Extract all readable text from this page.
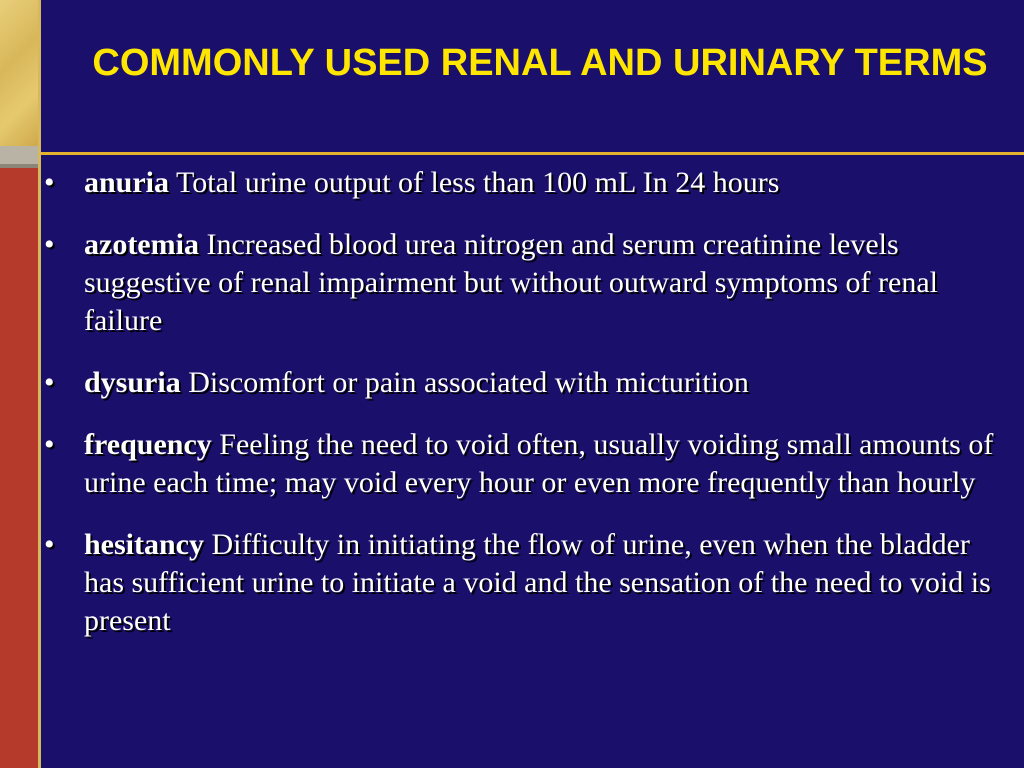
COMMONLY USED RENAL AND URINARY TERMS
• anuria Total urine output of less than 100 mL In 24 hours
• azotemia Increased blood urea nitrogen and serum creatinine levels suggestive of renal impairment but without outward symptoms of renal failure
• dysuria Discomfort or pain associated with micturition
• frequency Feeling the need to void often, usually voiding small amounts of urine each time; may void every hour or even more frequently than hourly
• hesitancy Difficulty in initiating the flow of urine, even when the bladder has sufficient urine to initiate a void and the sensation of the need to void is present
